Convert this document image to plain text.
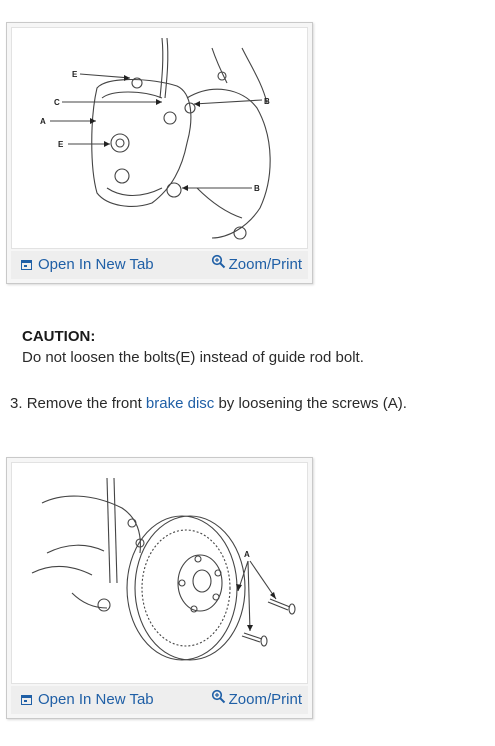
E
C
A
E
B
B
Open In New Tab	Zoom/Print
CAUTION:
Do not loosen the bolts(E) instead of guide rod bolt.
3. Remove the front brake disc by loosening the screws (A).
A
Open In New Tab	Zoom/Print
